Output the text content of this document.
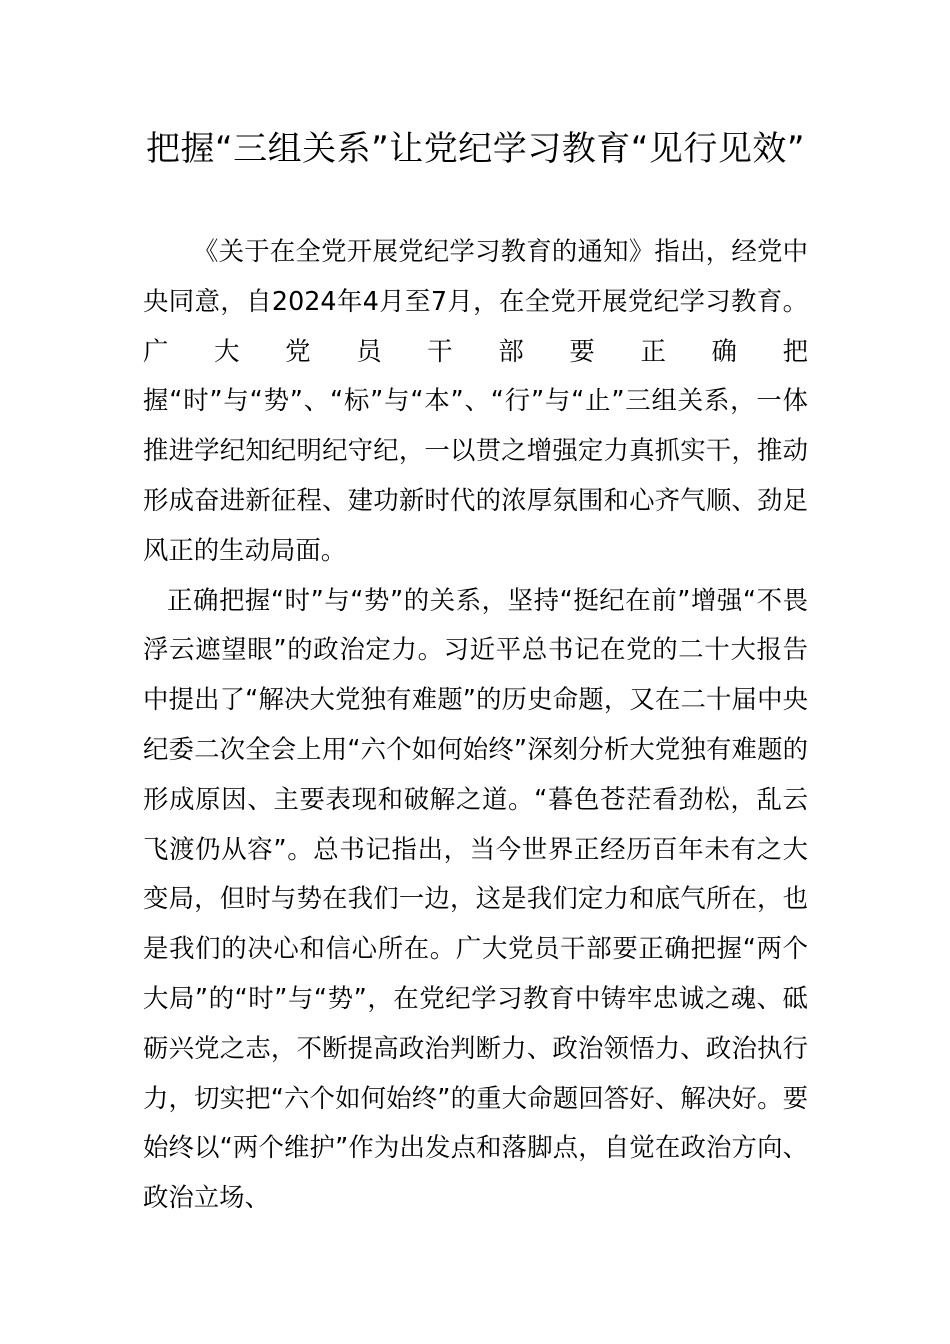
把握“三组关系”让党纪学习教育“见行见效”

《关于在全党开展党纪学习教育的通知》指出，经党中央同意，自2024年4月至7月，在全党开展党纪学习教育。广大党员干部要正确把握“时”与“势”、“标”与“本”、“行”与“止”三组关系，一体推进学纪知纪明纪守纪，一以贯之增强定力真抓实干，推动形成奋进新征程、建功新时代的浓厚氛围和心齐气顺、劲足风正的生动局面。

正确把握“时”与“势”的关系，坚持“挺纪在前”增强“不畏浮云遮望眼”的政治定力。习近平总书记在党的二十大报告中提出了“解决大党独有难题”的历史命题，又在二十届中央纪委二次全会上用“六个如何始终”深刻分析大党独有难题的形成原因、主要表现和破解之道。“暮色苍茫看劲松，乱云飞渡仍从容”。总书记指出，当今世界正经历百年未有之大变局，但时与势在我们一边，这是我们定力和底气所在，也是我们的决心和信心所在。广大党员干部要正确把握“两个大局”的“时”与“势”，在党纪学习教育中铸牢忠诚之魂、砥砺兴党之志，不断提高政治判断力、政治领悟力、政治执行力，切实把“六个如何始终”的重大命题回答好、解决好。要始终以“两个维护”作为出发点和落脚点，自觉在政治方向、政治立场、
